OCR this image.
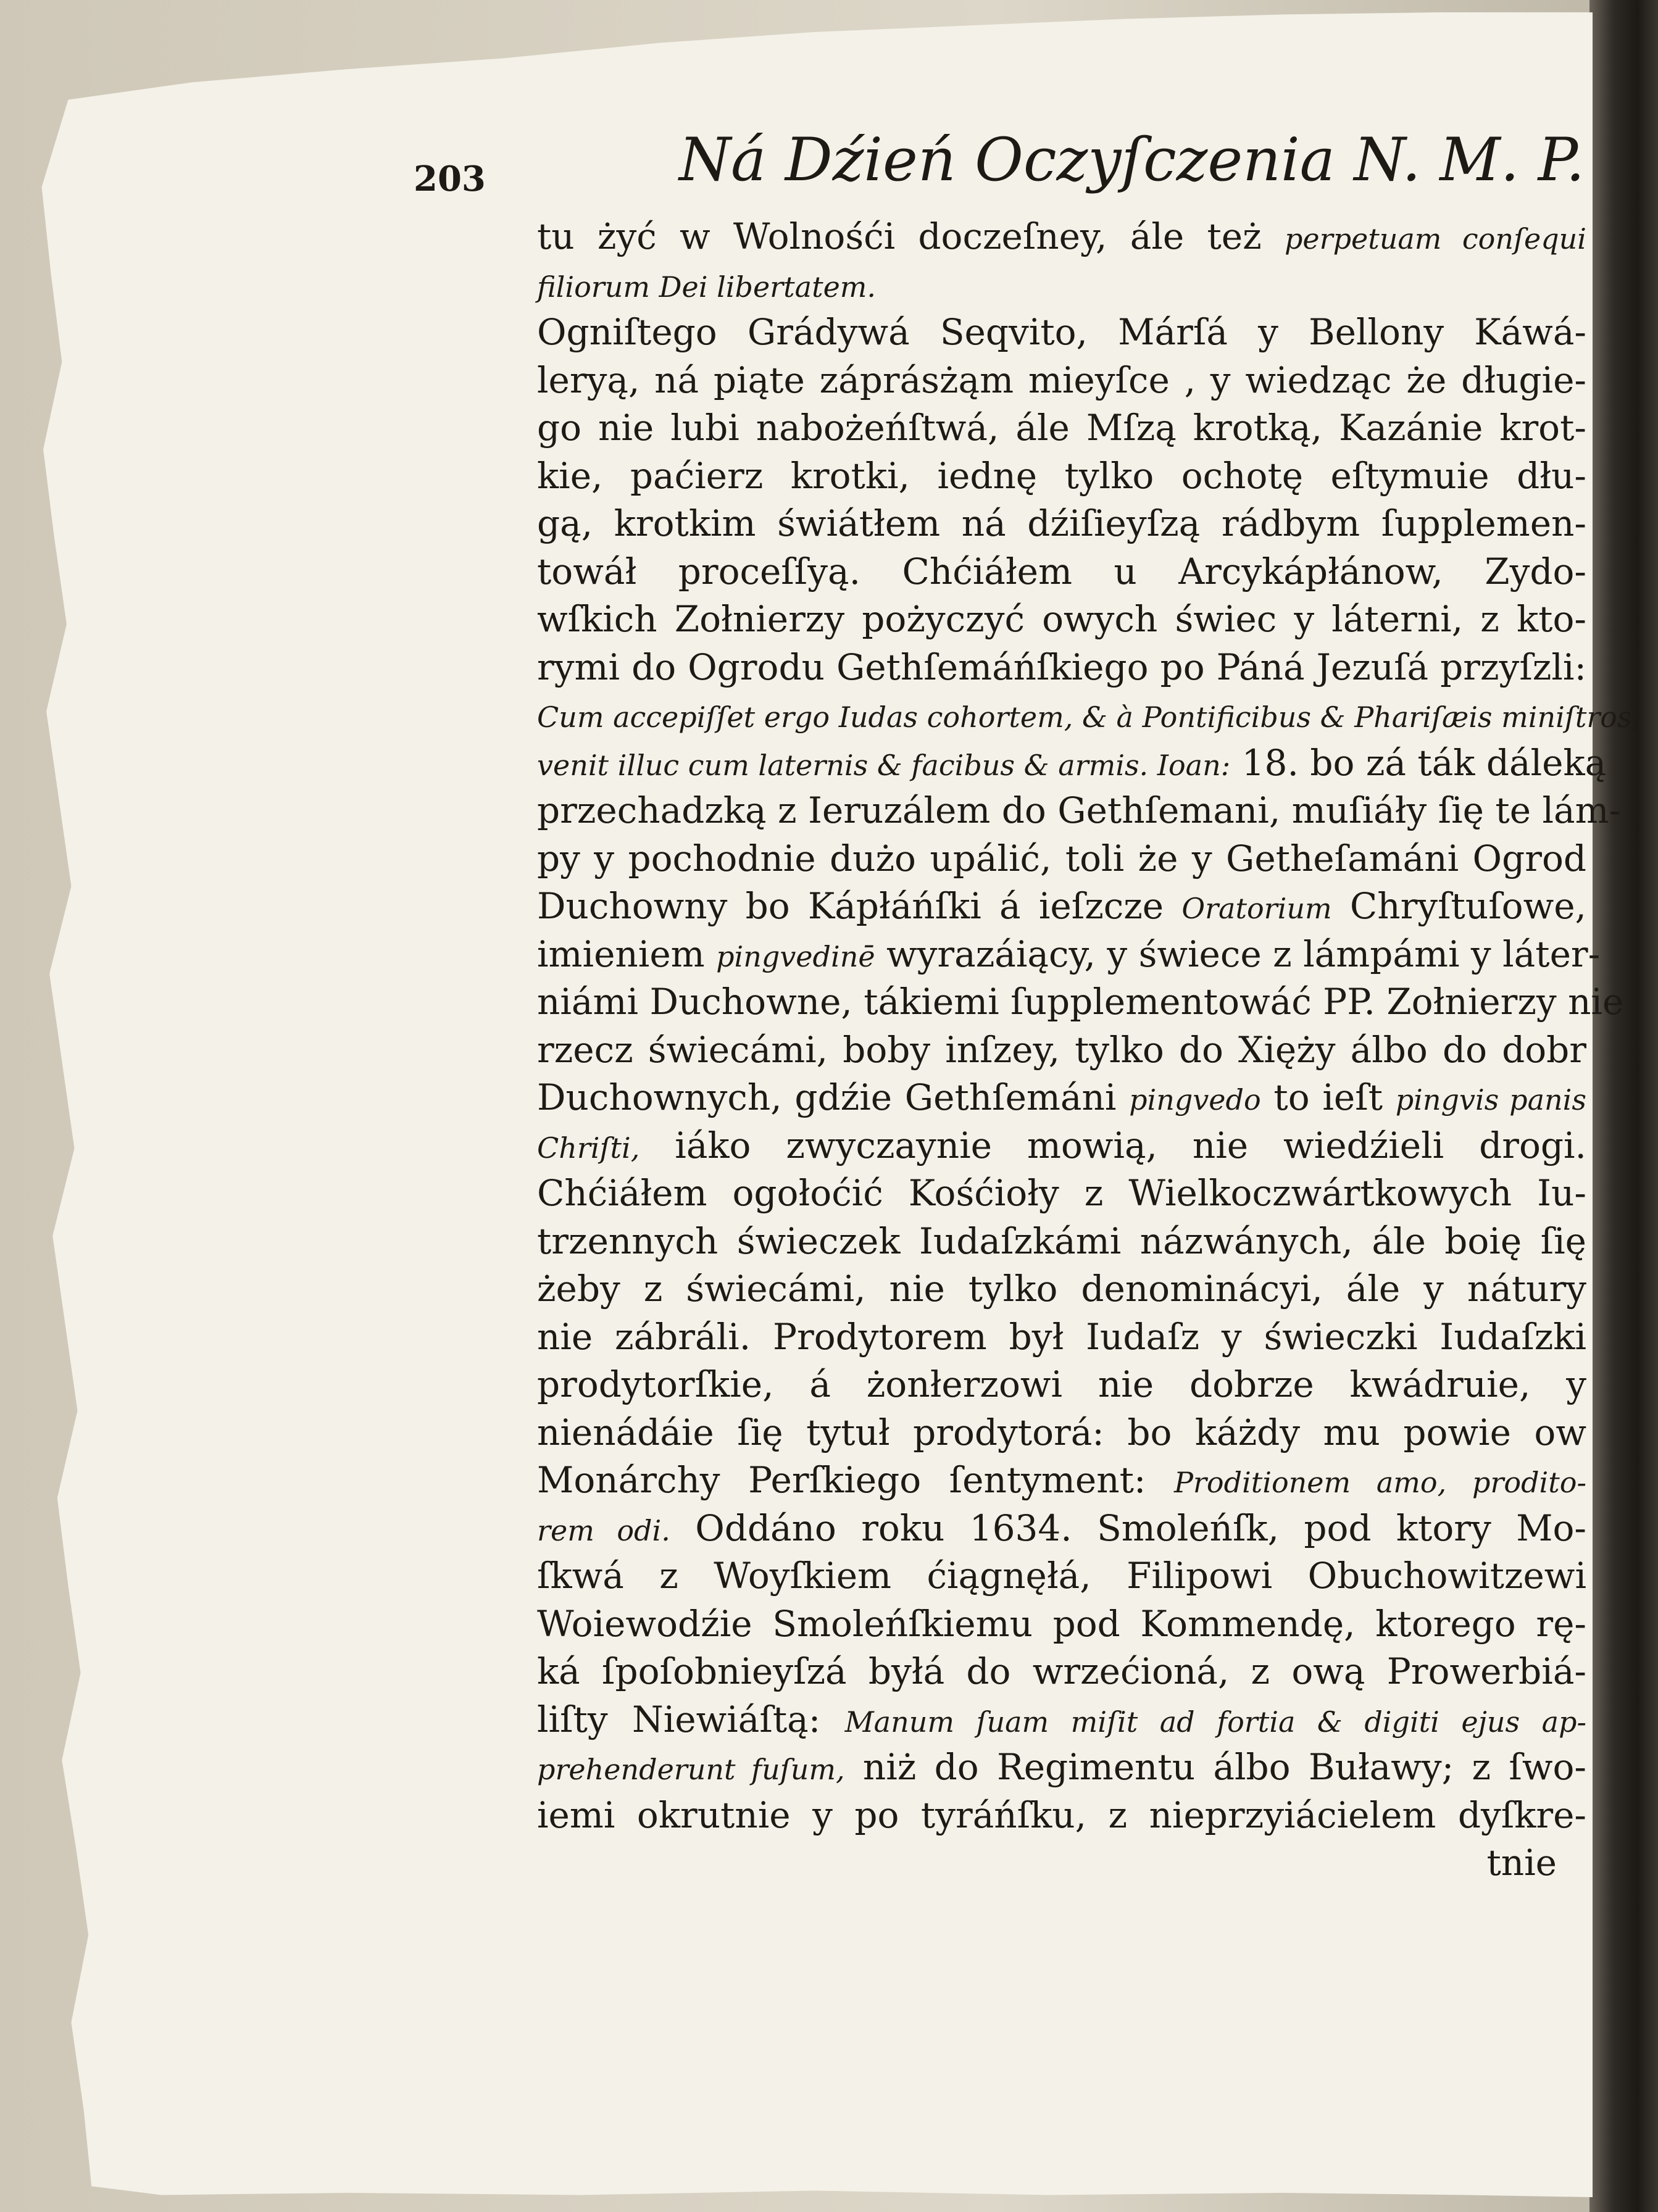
203	Ná Dźień Oczyſczenia N. M. P.
tu żyć w Wolnośći doczeſney, ále też perpetuam conſequi
filiorum Dei libertatem.
Ogniſtego Grádywá Seqvito, Márſá y Bellony Káwá-
leryą, ná piąte záprásżąm mieyſce , y wiedząc że długie-
go nie lubi nabożeńſtwá, ále Mſzą krotką, Kazánie krot-
kie, paćierz krotki, iednę tylko ochotę eſtymuie dłu-
gą, krotkim świátłem ná dźiſieyſzą rádbym ſupplemen-
towáł proceſſyą. Chćiáłem u Arcykápłánow, Zydo-
wſkich Zołnierzy pożyczyć owych świec y láterni, z kto-
rymi do Ogrodu Gethſemáńſkiego po Páná Jezuſá przyſzli:
Cum accepiſſet ergo Iudas cohortem, & à Pontificibus & Phariſæis miniſtros,
venit illuc cum laternis & facibus & armis. Ioan: 18. bo zá ták dáleką
przechadzką z Ieruzálem do Gethſemani, muſiáły ſię te lám-
py y pochodnie dużo upálić, toli że y Getheſamáni Ogrod
Duchowny bo Kápłáńſki á ieſzcze Oratorium Chryſtuſowe,
imieniem pingvedinē wyrazáiący, y świece z lámpámi y láter-
niámi Duchowne, tákiemi ſupplementowáć PP. Zołnierzy nie
rzecz świecámi, boby inſzey, tylko do Xięży álbo do dobr
Duchownych, gdźie Gethſemáni pingvedo to ieſt pingvis panis
Chriſti, iáko zwyczaynie mowią, nie wiedźieli drogi.
Chćiáłem ogołoćić Kośćioły z Wielkoczwártkowych Iu-
trzennych świeczek Iudaſzkámi názwánych, ále boię ſię
żeby z świecámi, nie tylko denominácyi, ále y nátury
nie zábráli. Prodytorem był Iudaſz y świeczki Iudaſzki
prodytorſkie, á żonłerzowi nie dobrze kwádruie, y
nienádáie ſię tytuł prodytorá: bo káżdy mu powie ow
Monárchy Perſkiego ſentyment: Proditionem amo, prodito-
rem odi. Oddáno roku 1634. Smoleńſk, pod ktory Mo-
ſkwá z Woyſkiem ćiągnęłá, Filipowi Obuchowitzewi
Woiewodźie Smoleńſkiemu pod Kommendę, ktorego rę-
ká ſpoſobnieyſzá byłá do wrzećioná, z ową Prowerbiá-
liſty Niewiáſtą: Manum ſuam miſit ad fortia & digiti ejus ap-
prehenderunt fuſum, niż do Regimentu álbo Buławy; z ſwo-
iemi okrutnie y po tyráńſku, z nieprzyiácielem dyſkre-
tnie
